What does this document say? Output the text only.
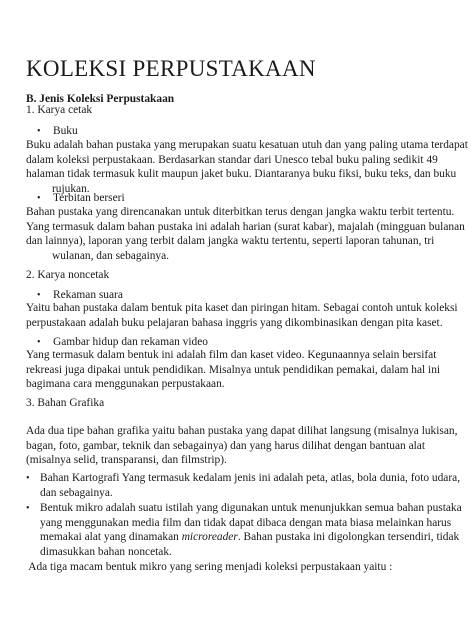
KOLEKSI PERPUSTAKAAN
B. Jenis Koleksi Perpustakaan
1. Karya cetak
• Buku
Buku adalah bahan pustaka yang merupakan suatu kesatuan utuh dan yang paling utama terdapat
dalam koleksi perpustakaan. Berdasarkan standar dari Unesco tebal buku paling sedikit 49
halaman tidak termasuk kulit maupun jaket buku. Diantaranya buku fiksi, buku teks, dan buku
rujukan.
• Terbitan berseri
Bahan pustaka yang direncanakan untuk diterbitkan terus dengan jangka waktu terbit tertentu.
Yang termasuk dalam bahan pustaka ini adalah harian (surat kabar), majalah (mingguan bulanan
dan lainnya), laporan yang terbit dalam jangka waktu tertentu, seperti laporan tahunan, tri
wulanan, dan sebagainya.
2. Karya noncetak
• Rekaman suara
Yaitu bahan pustaka dalam bentuk pita kaset dan piringan hitam. Sebagai contoh untuk koleksi
perpustakaan adalah buku pelajaran bahasa inggris yang dikombinasikan dengan pita kaset.
• Gambar hidup dan rekaman video
Yang termasuk dalam bentuk ini adalah film dan kaset video. Kegunaannya selain bersifat
rekreasi juga dipakai untuk pendidikan. Misalnya untuk pendidikan pemakai, dalam hal ini
bagimana cara menggunakan perpustakaan.
3. Bahan Grafika
Ada dua tipe bahan grafika yaitu bahan pustaka yang dapat dilihat langsung (misalnya lukisan,
bagan, foto, gambar, teknik dan sebagainya) dan yang harus dilihat dengan bantuan alat
(misalnya selid, transparansi, dan filmstrip).
• Bahan Kartografi Yang termasuk kedalam jenis ini adalah peta, atlas, bola dunia, foto udara,
dan sebagainya.
• Bentuk mikro adalah suatu istilah yang digunakan untuk menunjukkan semua bahan pustaka
yang menggunakan media film dan tidak dapat dibaca dengan mata biasa melainkan harus
memakai alat yang dinamakan microreader. Bahan pustaka ini digolongkan tersendiri, tidak
dimasukkan bahan noncetak.
Ada tiga macam bentuk mikro yang sering menjadi koleksi perpustakaan yaitu :
